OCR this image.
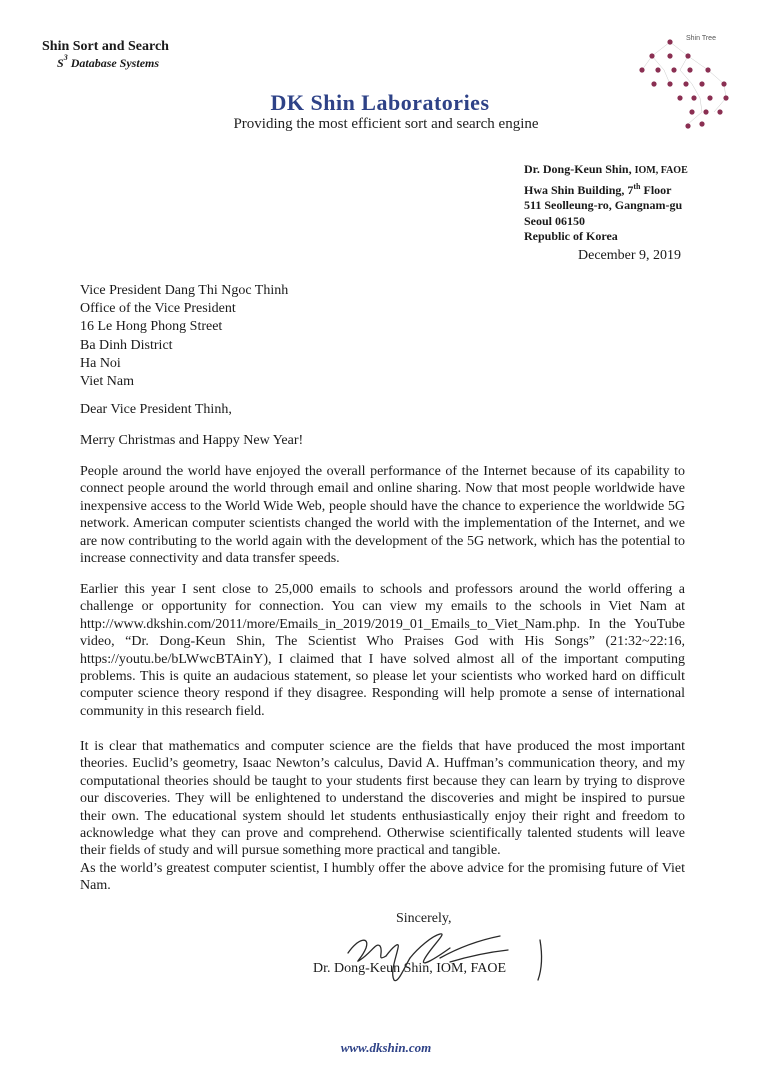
Shin Sort and Search
$S^3$ Database Systems
Shin Tree
DK Shin Laboratories
Providing the most efficient sort and search engine
Dr. Dong-Keun Shin, IOM, FAOE
Hwa Shin Building, 7th Floor
511 Seolleung-ro, Gangnam-gu
Seoul 06150
Republic of Korea
December 9, 2019
Vice President Dang Thi Ngoc Thinh
Office of the Vice President
16 Le Hong Phong Street
Ba Dinh District
Ha Noi
Viet Nam
Dear Vice President Thinh,
Merry Christmas and Happy New Year!
People around the world have enjoyed the overall performance of the Internet because of its capability to connect people around the world through email and online sharing. Now that most people worldwide have inexpensive access to the World Wide Web, people should have the chance to experience the worldwide 5G network. American computer scientists changed the world with the implementation of the Internet, and we are now contributing to the world again with the development of the 5G network, which has the potential to increase connectivity and data transfer speeds.
Earlier this year I sent close to 25,000 emails to schools and professors around the world offering a challenge or opportunity for connection. You can view my emails to the schools in Viet Nam at http://www.dkshin.com/2011/more/Emails_in_2019/2019_01_Emails_to_Viet_Nam.php. In the YouTube video, “Dr. Dong-Keun Shin, The Scientist Who Praises God with His Songs” (21:32~22:16, https://youtu.be/bLWwcBTAinY), I claimed that I have solved almost all of the important computing problems. This is quite an audacious statement, so please let your scientists who worked hard on difficult computer science theory respond if they disagree. Responding will help promote a sense of international community in this research field.
It is clear that mathematics and computer science are the fields that have produced the most important theories. Euclid’s geometry, Isaac Newton’s calculus, David A. Huffman’s communication theory, and my computational theories should be taught to your students first because they can learn by trying to disprove our discoveries. They will be enlightened to understand the discoveries and might be inspired to pursue their own. The educational system should let students enthusiastically enjoy their right and freedom to acknowledge what they can prove and comprehend. Otherwise scientifically talented students will leave their fields of study and will pursue something more practical and tangible.
As the world’s greatest computer scientist, I humbly offer the above advice for the promising future of Viet Nam.
Sincerely,
Dr. Dong-Keun Shin, IOM, FAOE
www.dkshin.com
